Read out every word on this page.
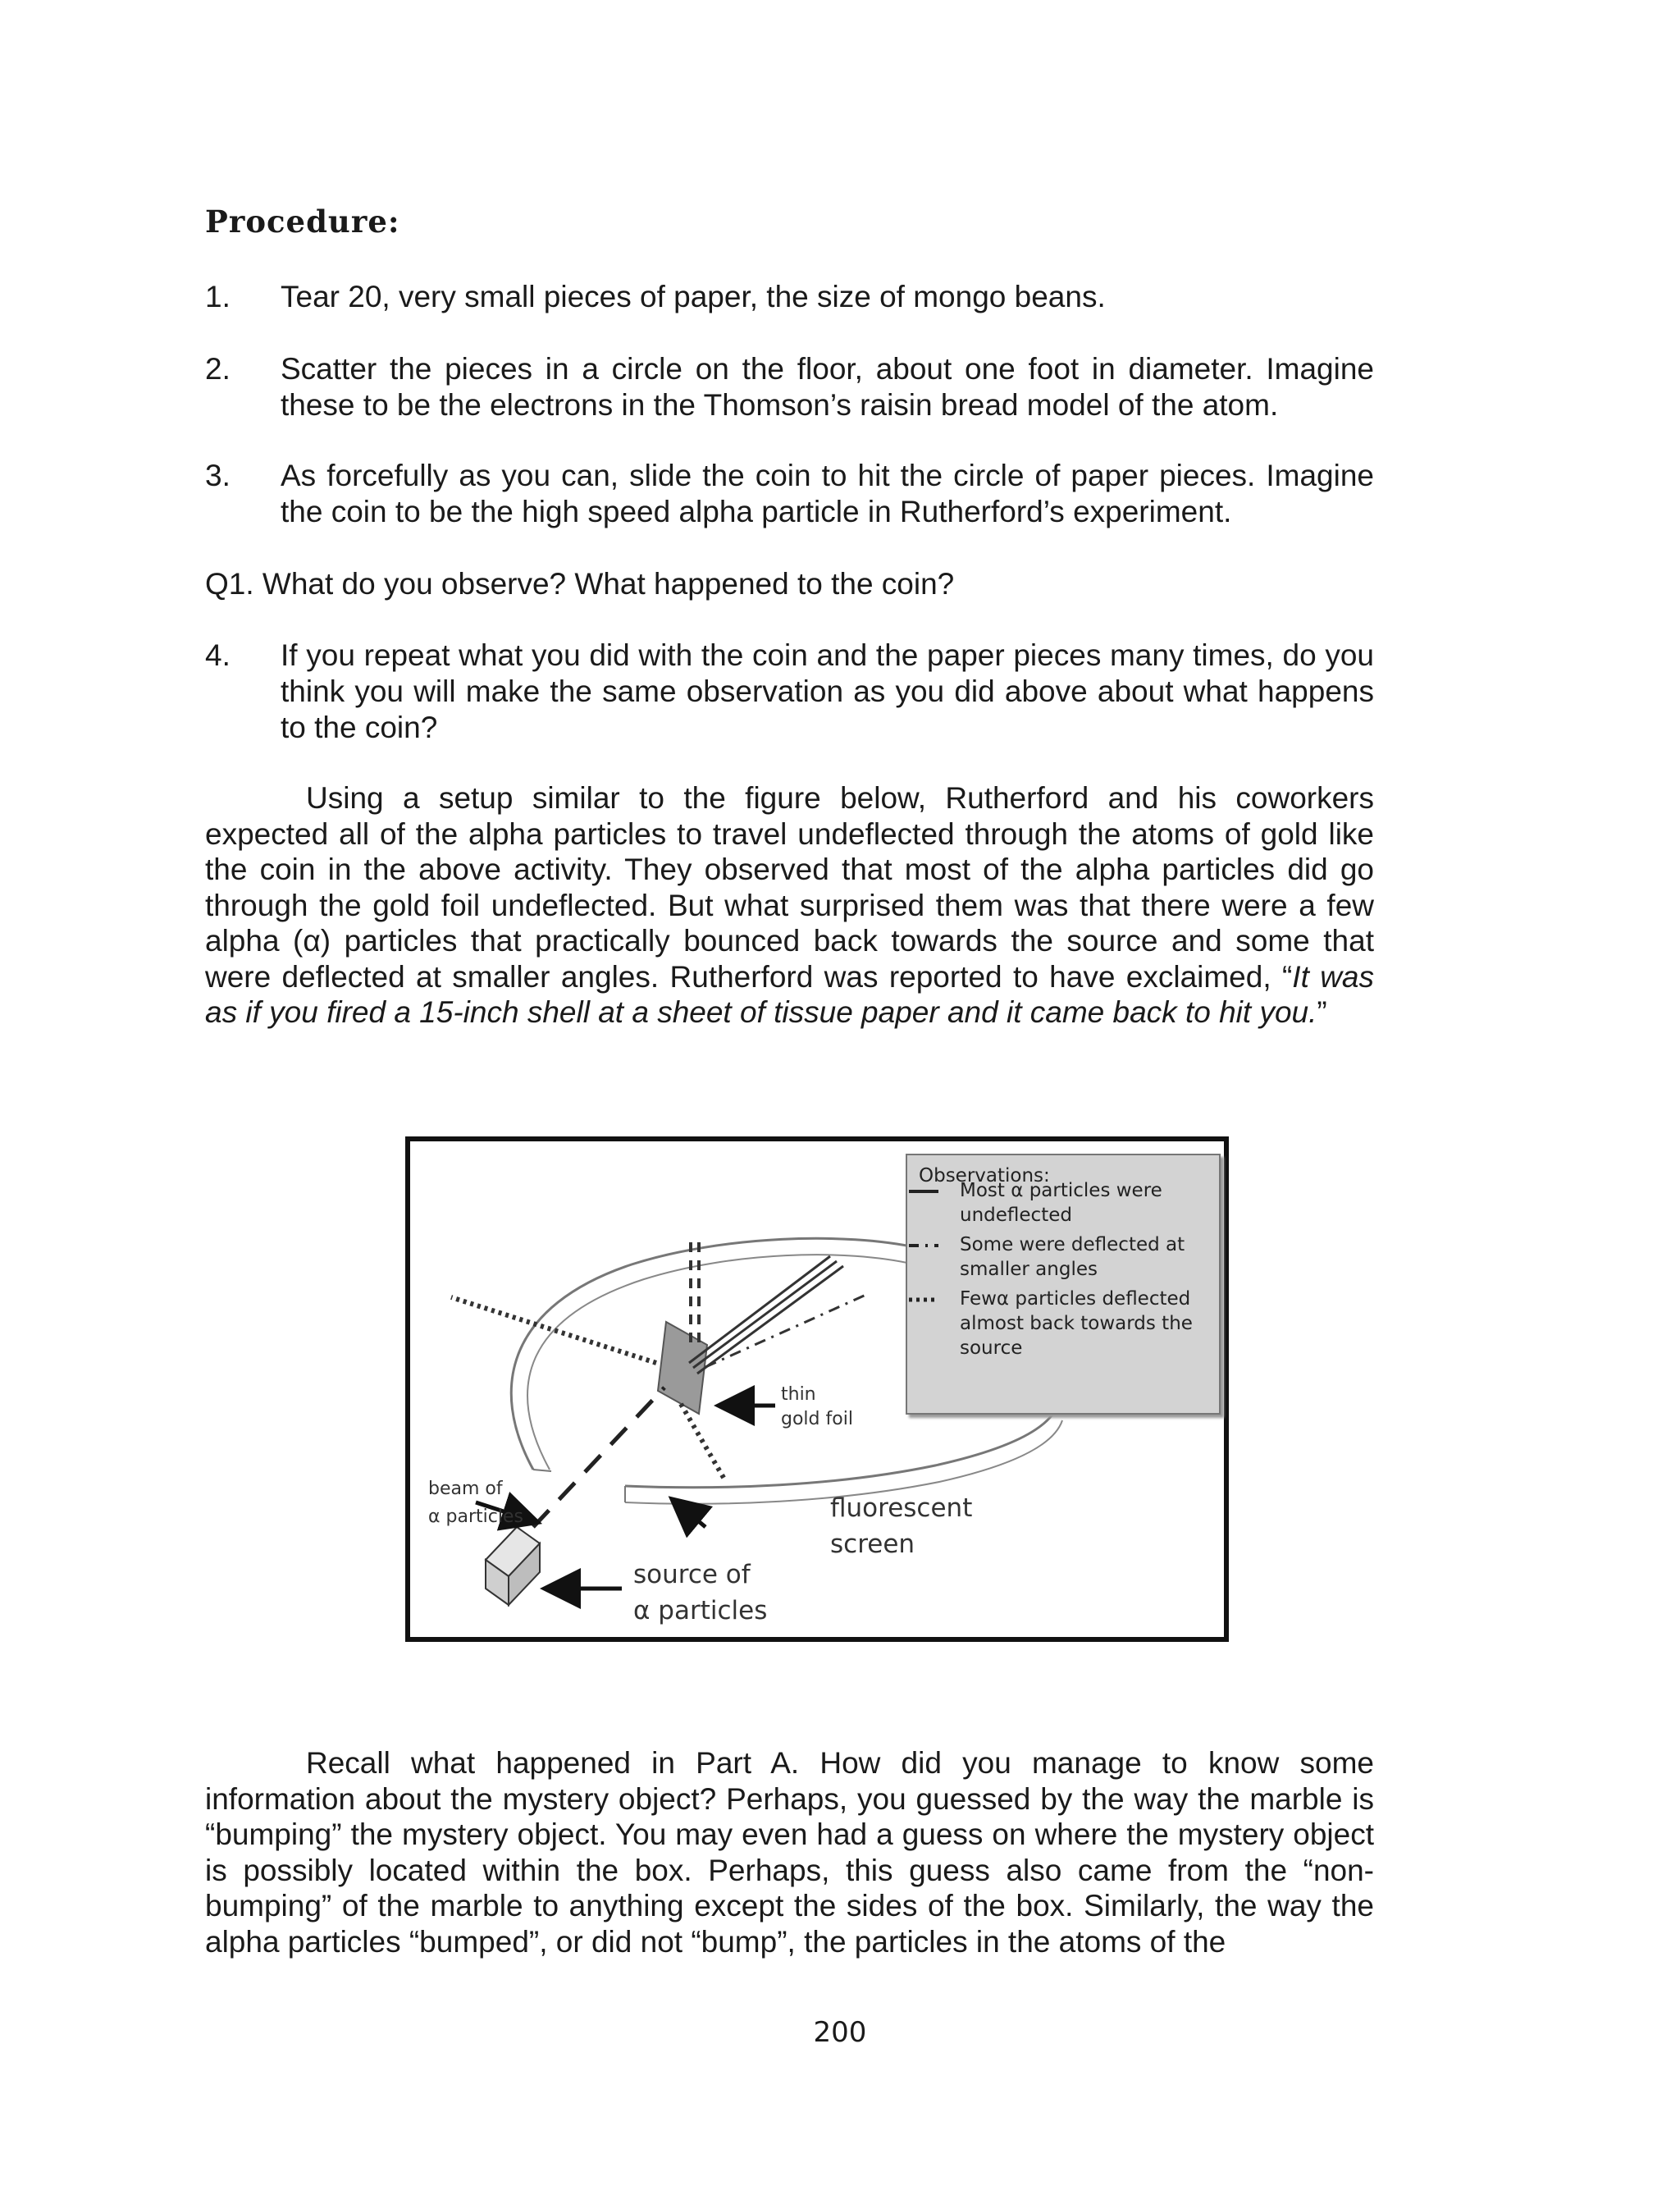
Procedure:
1. Tear 20, very small pieces of paper, the size of mongo beans.
2. Scatter the pieces in a circle on the floor, about one foot in diameter. Imagine these to be the electrons in the Thomson’s raisin bread model of the atom.
3. As forcefully as you can, slide the coin to hit the circle of paper pieces. Imagine the coin to be the high speed alpha particle in Rutherford’s experiment.
Q1. What do you observe? What happened to the coin?
4. If you repeat what you did with the coin and the paper pieces many times, do you think you will make the same observation as you did above about what happens to the coin?
Using a setup similar to the figure below, Rutherford and his coworkers expected all of the alpha particles to travel undeflected through the atoms of gold like the coin in the above activity. They observed that most of the alpha particles did go through the gold foil undeflected. But what surprised them was that there were a few alpha (α) particles that practically bounced back towards the source and some that were deflected at smaller angles. Rutherford was reported to have exclaimed, “It was as if you fired a 15-inch shell at a sheet of tissue paper and it came back to hit you.”
Observations:
Most α particles were undeflected
Some were deflected at smaller angles
Fewα particles deflected almost back towards the source
thin
gold foil
beam of
α particles	fluorescent
screen
source of
α particles
Recall what happened in Part A. How did you manage to know some information about the mystery object? Perhaps, you guessed by the way the marble is “bumping” the mystery object. You may even had a guess on where the mystery object is possibly located within the box. Perhaps, this guess also came from the “non-bumping” of the marble to anything except the sides of the box. Similarly, the way the alpha particles “bumped”, or did not “bump”, the particles in the atoms of the
200
